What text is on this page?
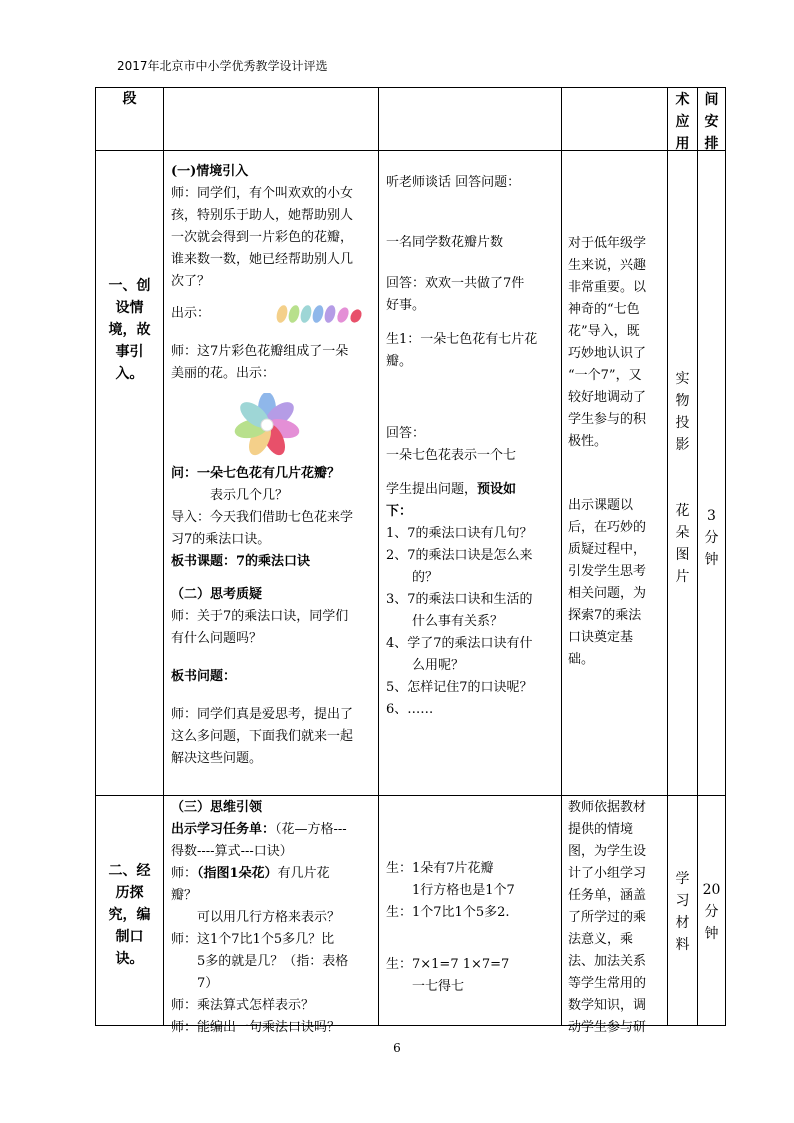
2017年北京市中小学优秀教学设计评选
段	术
应
用
间
安
排
一、创
设情
境，故
事引
入。
(一)情境引入
师：同学们，有个叫欢欢的小女
孩，特别乐于助人，她帮助别人
一次就会得到一片彩色的花瓣，
谁来数一数，她已经帮助别人几
次了？
出示：
师：这7片彩色花瓣组成了一朵
美丽的花。出示：
问：一朵七色花有几片花瓣？
表示几个几？
导入：今天我们借助七色花来学
习7的乘法口诀。
板书课题：7的乘法口诀
（二）思考质疑
师：关于7的乘法口诀，同学们
有什么问题吗？
板书问题：
师：同学们真是爱思考，提出了
这么多问题，下面我们就来一起
解决这些问题。
听老师谈话 回答问题：
一名同学数花瓣片数
回答：欢欢一共做了7件
好事。
生1：一朵七色花有七片花
瓣。
回答：
一朵七色花表示一个七
学生提出问题，预设如
下：
1、7的乘法口诀有几句？
2、7的乘法口诀是怎么来
的？
3、7的乘法口诀和生活的
什么事有关系？
4、学了7的乘法口诀有什
么用呢？
5、怎样记住7的口诀呢？
6、……
对于低年级学
生来说，兴趣
非常重要。以
神奇的“七色
花”导入，既
巧妙地认识了
“一个7”，又
较好地调动了
学生参与的积
极性。
出示课题以
后，在巧妙的
质疑过程中，
引发学生思考
相关问题，为
探索7的乘法
口诀奠定基
础。
实
物
投
影
花
朵
图
片
3
分
钟
二、经
历探
究，编
制口
诀。
（三）思维引领
出示学习任务单：（花—方格---
得数----算式---口诀）
师：（指图1朵花）有几片花
瓣？
可以用几行方格来表示？
师：这1个7比1个5多几？比
5多的就是几？（指：表格
7）
师：乘法算式怎样表示？
师：能编出一句乘法口诀吗？
生：1朵有7片花瓣
1行方格也是1个7
生：1个7比1个5多2.
生：7×1=7 1×7=7
一七得七
教师依据教材
提供的情境
图，为学生设
计了小组学习
任务单，涵盖
了所学过的乘
法意义，乘
法、加法关系
等学生常用的
数学知识，调
动学生参与研
学
习
材
料
20
分
钟
6
